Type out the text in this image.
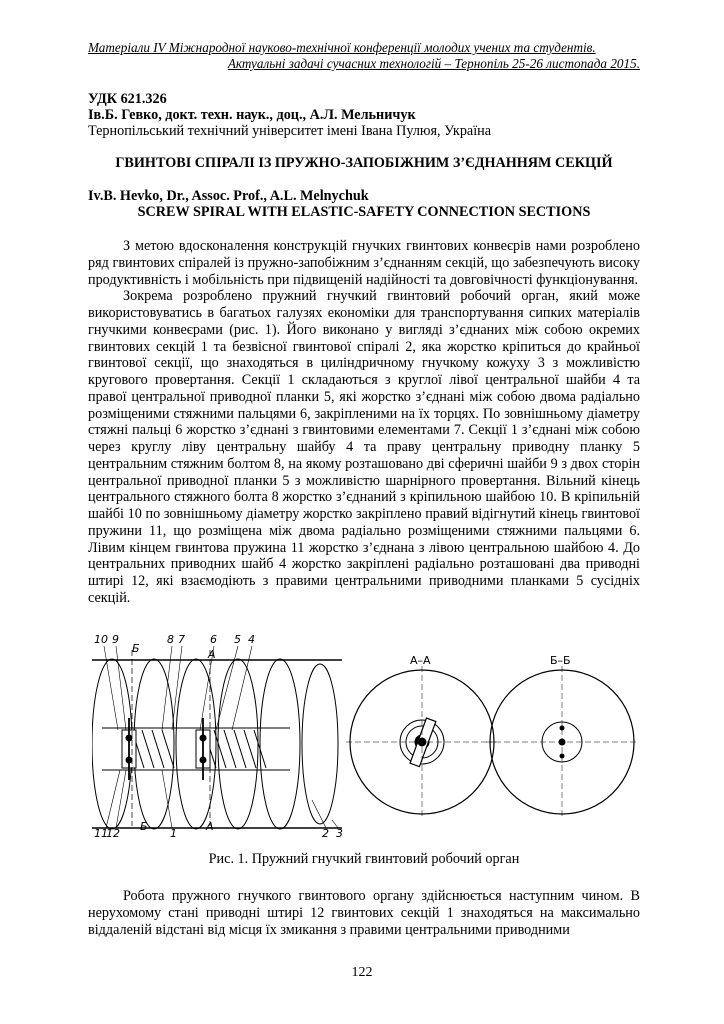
Матеріали IV Міжнародної науково-технічної конференції молодих учених та студентів.
Актуальні задачі сучасних технологій – Тернопіль 25-26 листопада 2015.
УДК 621.326
Ів.Б. Гевко, докт. техн. наук., доц., А.Л. Мельничук
Тернопільський технічний університет імені Івана Пулюя, Україна
ГВИНТОВІ СПІРАЛІ ІЗ ПРУЖНО-ЗАПОБІЖНИМ З’ЄДНАННЯМ СЕКЦІЙ
Iv.B. Hevko, Dr., Assoc. Prof., A.L. Melnychuk
SCREW SPIRAL WITH ELASTIC-SAFETY CONNECTION SECTIONS

З метою вдосконалення конструкцій гнучких гвинтових конвеєрів нами розроблено ряд гвинтових спіралей із пружно-запобіжним з’єднанням секцій, що забезпечують високу продуктивність і мобільність при підвищеній надійності та довговічності функціонування.

Зокрема розроблено пружний гнучкий гвинтовий робочий орган, який може використовуватись в багатьох галузях економіки для транспортування сипких матеріалів гнучкими конвеєрами (рис. 1). Його виконано у вигляді з’єднаних між собою окремих гвинтових секцій 1 та безвісної гвинтової спіралі 2, яка жорстко кріпиться до крайньої гвинтової секції, що знаходяться в циліндричному гнучкому кожуху 3 з можливістю кругового провертання. Секції 1 складаються з круглої лівої центральної шайби 4 та правої центральної приводної планки 5, які жорстко з’єднані між собою двома радіально розміщеними стяжними пальцями 6, закріпленими на їх торцях. По зовнішньому діаметру стяжні пальці 6 жорстко з’єднані з гвинтовими елементами 7. Секції 1 з’єднані між собою через круглу ліву центральну шайбу 4 та праву центральну приводну планку 5 центральним стяжним болтом 8, на якому розташовано дві сферичні шайби 9 з двох сторін центральної приводної планки 5 з можливістю шарнірного провертання. Вільний кінець центрального стяжного болта 8 жорстко з’єднаний з кріпильною шайбою 10. В кріпильній шайбі 10 по зовнішньому діаметру жорстко закріплено правий відігнутий кінець гвинтової пружини 11, що розміщена між двома радіально розміщеними стяжними пальцями 6. Лівим кінцем гвинтова пружина 11 жорстко з’єднана з лівою центральною шайбою 4. До центральних приводних шайб 4 жорстко закріплені радіально розташовані два приводні штирі 12, які взаємодіють з правими центральними приводними планками 5 сусідніх секцій.

10 9
Б
8 7 6
А
5 4
11
12
Б
1
А
2 3
А–А	Б–Б
Рис. 1. Пружний гнучкий гвинтовий робочий орган

Робота пружного гнучкого гвинтового органу здійснюється наступним чином. В нерухомому стані приводні штирі 12 гвинтових секцій 1 знаходяться на максимально віддаленій відстані від місця їх змикання з правими центральними приводними

122
